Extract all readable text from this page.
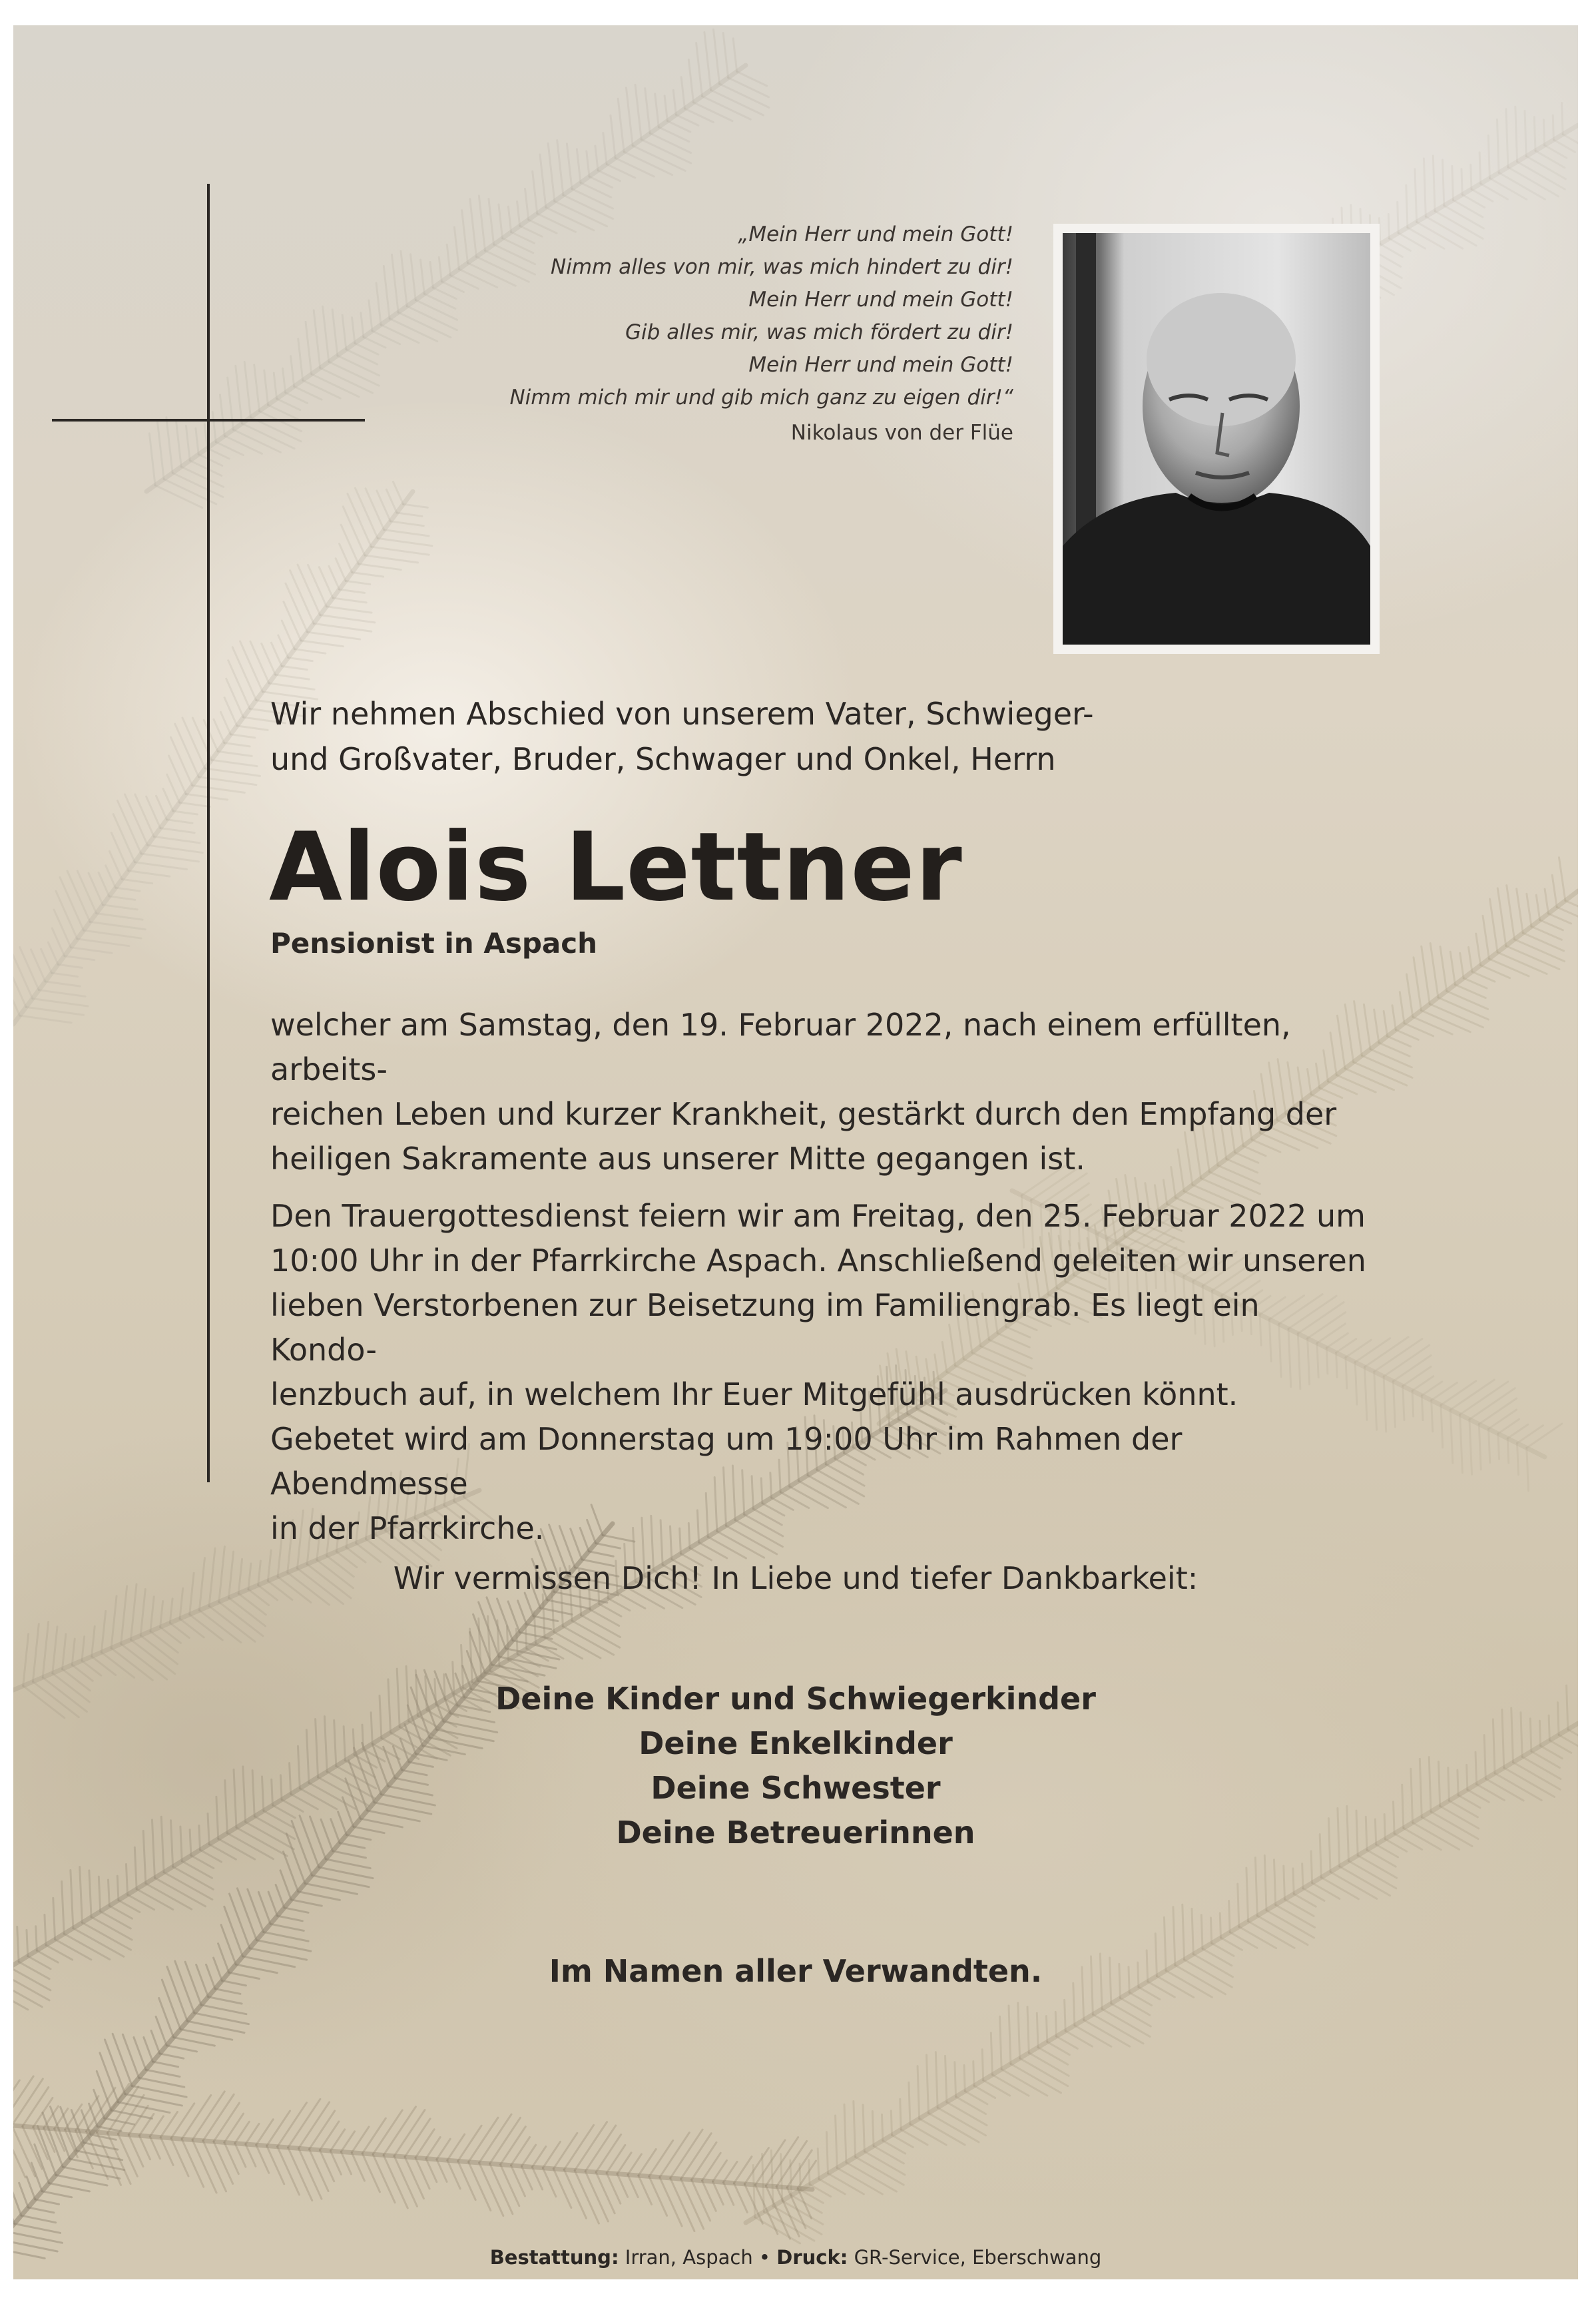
„Mein Herr und mein Gott!
Nimm alles von mir, was mich hindert zu dir!
Mein Herr und mein Gott!
Gib alles mir, was mich fördert zu dir!
Mein Herr und mein Gott!
Nimm mich mir und gib mich ganz zu eigen dir!“
Nikolaus von der Flüe
Wir nehmen Abschied von unserem Vater, Schwieger-
und Großvater, Bruder, Schwager und Onkel, Herrn
Alois Lettner
Pensionist in Aspach
welcher am Samstag, den 19. Februar 2022, nach einem erfüllten, arbeits-
reichen Leben und kurzer Krankheit, gestärkt durch den Empfang der
heiligen Sakramente aus unserer Mitte gegangen ist.
Den Trauergottesdienst feiern wir am Freitag, den 25. Februar 2022 um
10:00 Uhr in der Pfarrkirche Aspach. Anschließend geleiten wir unseren
lieben Verstorbenen zur Beisetzung im Familiengrab. Es liegt ein Kondo-
lenzbuch auf, in welchem Ihr Euer Mitgefühl ausdrücken könnt.
Gebetet wird am Donnerstag um 19:00 Uhr im Rahmen der Abendmesse
in der Pfarrkirche.
Wir vermissen Dich! In Liebe und tiefer Dankbarkeit:
Deine Kinder und Schwiegerkinder
Deine Enkelkinder
Deine Schwester
Deine Betreuerinnen
Im Namen aller Verwandten.
Bestattung: Irran, Aspach • Druck: GR-Service, Eberschwang
